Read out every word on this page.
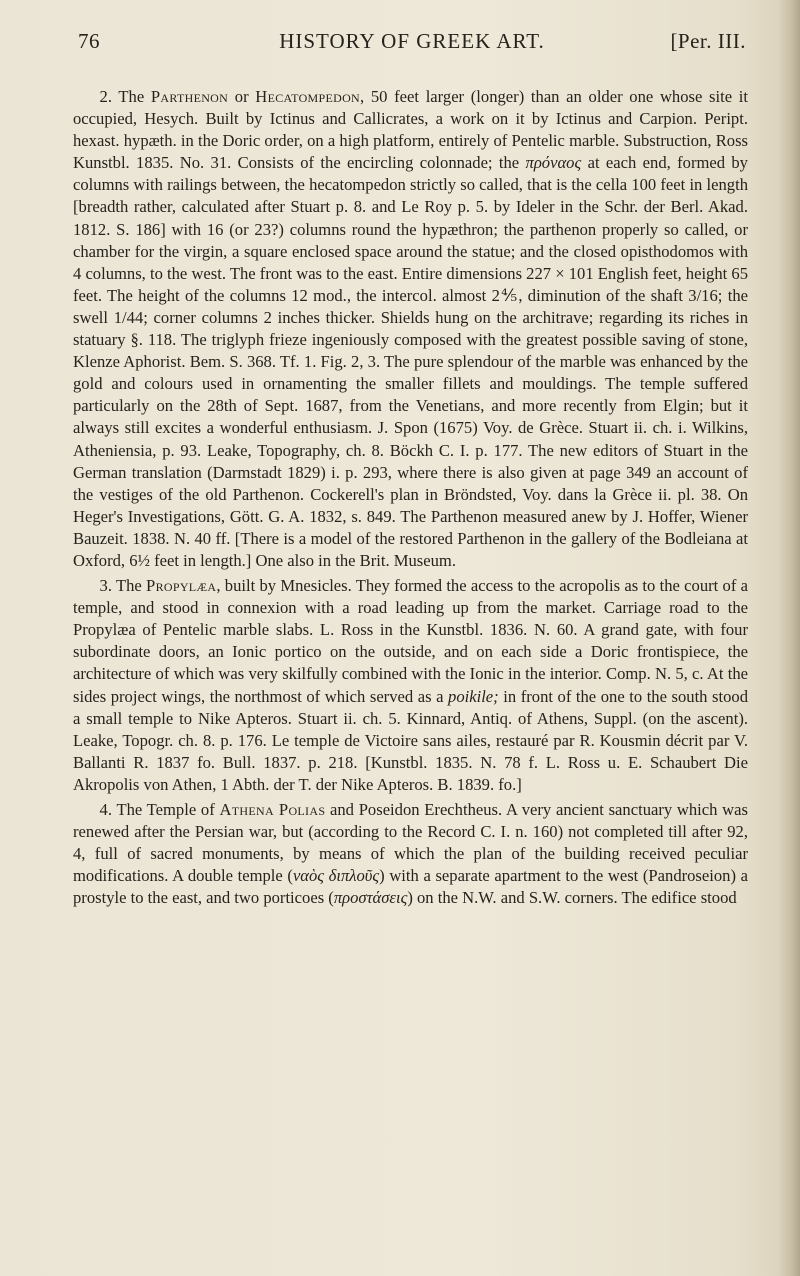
HISTORY OF GREEK ART.
76	[Per. III.

2. The Parthenon or Hecatompedon, 50 feet larger (longer) than an older one whose site it occupied, Hesych. Built by Ictinus and Callicrates, a work on it by Ictinus and Carpion. Peript. hexast. hypæth. in the Doric order, on a high platform, entirely of Pentelic marble. Substruction, Ross Kunstbl. 1835. No. 31. Consists of the encircling colonnade; the πρόναος at each end, formed by columns with railings between, the hecatompedon strictly so called, that is the cella 100 feet in length [breadth rather, calculated after Stuart p. 8. and Le Roy p. 5. by Ideler in the Schr. der Berl. Akad. 1812. S. 186] with 16 (or 23?) columns round the hypæthron; the parthenon properly so called, or chamber for the virgin, a square enclosed space around the statue; and the closed opisthodomos with 4 columns, to the west. The front was to the east. Entire dimensions 227 × 101 English feet, height 65 feet. The height of the columns 12 mod., the intercol. almost 2⅘, diminution of the shaft 3/16; the swell 1/44; corner columns 2 inches thicker. Shields hung on the architrave; regarding its riches in statuary §. 118. The triglyph frieze ingeniously composed with the greatest possible saving of stone, Klenze Aphorist. Bem. S. 368. Tf. 1. Fig. 2, 3. The pure splendour of the marble was enhanced by the gold and colours used in ornamenting the smaller fillets and mouldings. The temple suffered particularly on the 28th of Sept. 1687, from the Venetians, and more recently from Elgin; but it always still excites a wonderful enthusiasm. J. Spon (1675) Voy. de Grèce. Stuart ii. ch. i. Wilkins, Atheniensia, p. 93. Leake, Topography, ch. 8. Böckh C. I. p. 177. The new editors of Stuart in the German translation (Darmstadt 1829) i. p. 293, where there is also given at page 349 an account of the vestiges of the old Parthenon. Cockerell's plan in Bröndsted, Voy. dans la Grèce ii. pl. 38. On Heger's Investigations, Gött. G. A. 1832, s. 849. The Parthenon measured anew by J. Hoffer, Wiener Bauzeit. 1838. N. 40 ff. [There is a model of the restored Parthenon in the gallery of the Bodleiana at Oxford, 6½ feet in length.] One also in the Brit. Museum.

3. The Propylæa, built by Mnesicles. They formed the access to the acropolis as to the court of a temple, and stood in connexion with a road leading up from the market. Carriage road to the Propylæa of Pentelic marble slabs. L. Ross in the Kunstbl. 1836. N. 60. A grand gate, with four subordinate doors, an Ionic portico on the outside, and on each side a Doric frontispiece, the architecture of which was very skilfully combined with the Ionic in the interior. Comp. N. 5, c. At the sides project wings, the northmost of which served as a poikile; in front of the one to the south stood a small temple to Nike Apteros. Stuart ii. ch. 5. Kinnard, Antiq. of Athens, Suppl. (on the ascent). Leake, Topogr. ch. 8. p. 176. Le temple de Victoire sans ailes, restauré par R. Kousmin décrit par V. Ballanti R. 1837 fo. Bull. 1837. p. 218. [Kunstbl. 1835. N. 78 f. L. Ross u. E. Schaubert Die Akropolis von Athen, 1 Abth. der T. der Nike Apteros. B. 1839. fo.]

4. The Temple of Athena Polias and Poseidon Erechtheus. A very ancient sanctuary which was renewed after the Persian war, but (according to the Record C. I. n. 160) not completed till after 92, 4, full of sacred monuments, by means of which the plan of the building received peculiar modifications. A double temple (ναὸς διπλοῦς) with a separate apartment to the west (Pandroseion) a prostyle to the east, and two porticoes (προστάσεις) on the N.W. and S.W. corners. The edifice stood
